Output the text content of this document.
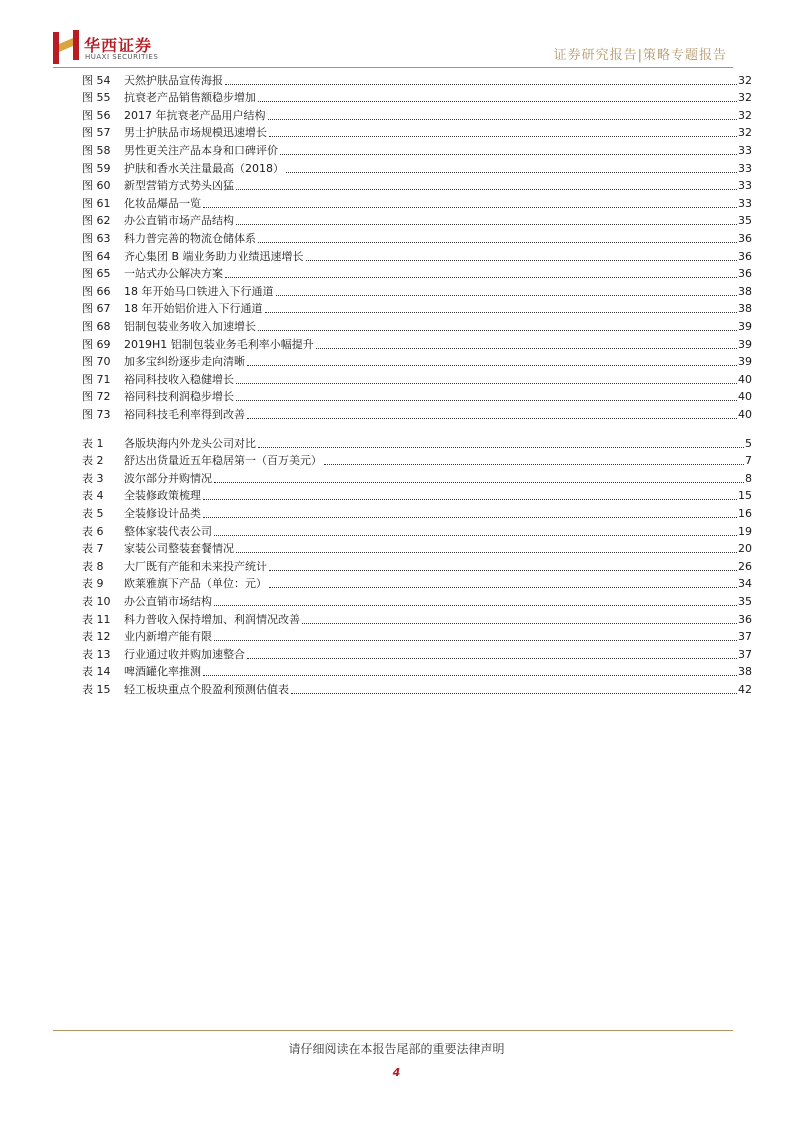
华西证券
HUAXI SECURITIES	证券研究报告|策略专题报告
图 54 天然护肤品宣传海报	32
图 55 抗衰老产品销售额稳步增加	32
图 56 2017 年抗衰老产品用户结构	32
图 57 男士护肤品市场规模迅速增长	32
图 58 男性更关注产品本身和口碑评价	33
图 59 护肤和香水关注量最高（2018）	33
图 60 新型营销方式势头凶猛	33
图 61 化妆品爆品一览	33
图 62 办公直销市场产品结构	35
图 63 科力普完善的物流仓储体系	36
图 64 齐心集团 B 端业务助力业绩迅速增长	36
图 65 一站式办公解决方案	36
图 66 18 年开始马口铁进入下行通道	38
图 67 18 年开始铝价进入下行通道	38
图 68 铝制包装业务收入加速增长	39
图 69 2019H1 铝制包装业务毛利率小幅提升	39
图 70 加多宝纠纷逐步走向清晰	39
图 71 裕同科技收入稳健增长	40
图 72 裕同科技利润稳步增长	40
图 73 裕同科技毛利率得到改善	40
表 1 各版块海内外龙头公司对比	5
表 2 舒达出货量近五年稳居第一（百万美元）	7
表 3 波尔部分并购情况	8
表 4 全装修政策梳理	15
表 5 全装修设计品类	16
表 6 整体家装代表公司	19
表 7 家装公司整装套餐情况	20
表 8 大厂既有产能和未来投产统计	26
表 9 欧莱雅旗下产品（单位：元）	34
表 10 办公直销市场结构	35
表 11 科力普收入保持增加、利润情况改善	36
表 12 业内新增产能有限	37
表 13 行业通过收并购加速整合	37
表 14 啤酒罐化率推测	38
表 15 轻工板块重点个股盈利预测估值表	42
请仔细阅读在本报告尾部的重要法律声明
4
